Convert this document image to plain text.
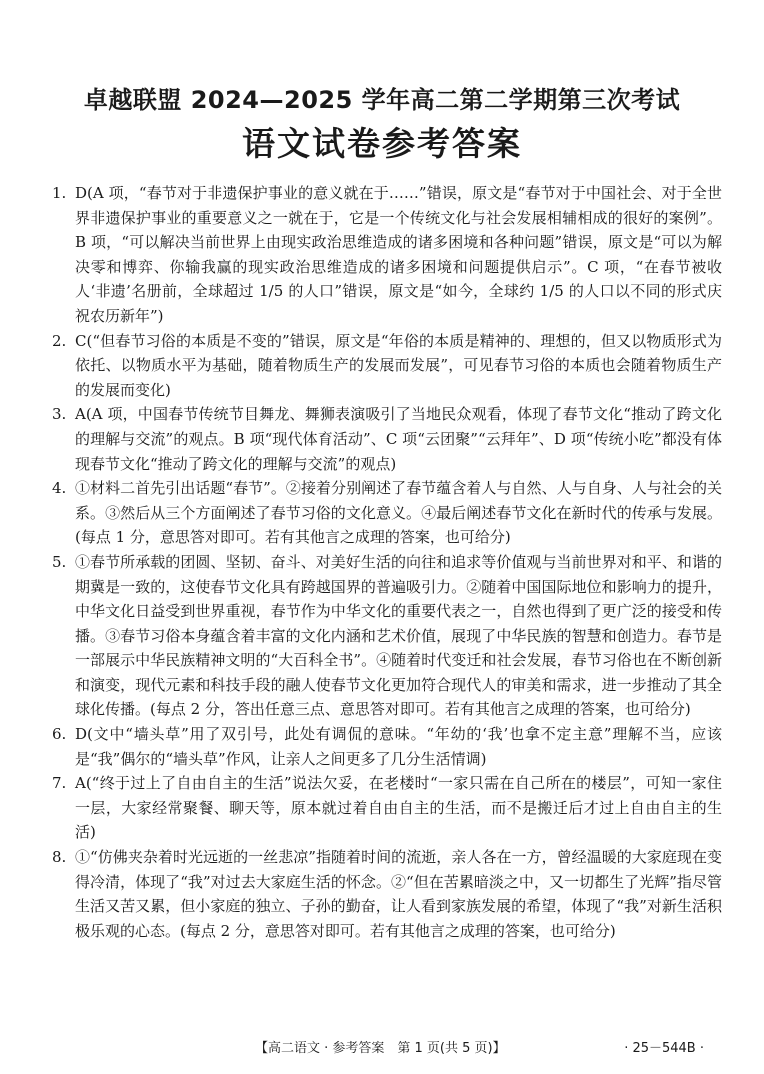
卓越联盟 2024—2025 学年高二第二学期第三次考试
语文试卷参考答案
1. D(A 项，“春节对于非遗保护事业的意义就在于……”错误，原文是“春节对于中国社会、对于全世界非遗保护事业的重要意义之一就在于，它是一个传统文化与社会发展相辅相成的很好的案例”。B 项，“可以解决当前世界上由现实政治思维造成的诸多困境和各种问题”错误，原文是“可以为解决零和博弈、你输我赢的现实政治思维造成的诸多困境和问题提供启示”。C 项，“在春节被收人‘非遗’名册前，全球超过 1/5 的人口”错误，原文是“如今，全球约 1/5 的人口以不同的形式庆祝农历新年”)
2. C(“但春节习俗的本质是不变的”错误，原文是“年俗的本质是精神的、理想的，但又以物质形式为依托、以物质水平为基础，随着物质生产的发展而发展”，可见春节习俗的本质也会随着物质生产的发展而变化)
3. A(A 项，中国春节传统节目舞龙、舞狮表演吸引了当地民众观看，体现了春节文化“推动了跨文化的理解与交流”的观点。B 项“现代体育活动”、C 项“云团聚”“云拜年”、D 项“传统小吃”都没有体现春节文化“推动了跨文化的理解与交流”的观点)
4. ①材料二首先引出话题“春节”。②接着分别阐述了春节蕴含着人与自然、人与自身、人与社会的关系。③然后从三个方面阐述了春节习俗的文化意义。④最后阐述春节文化在新时代的传承与发展。(每点 1 分，意思答对即可。若有其他言之成理的答案，也可给分)
5. ①春节所承载的团圆、坚韧、奋斗、对美好生活的向往和追求等价值观与当前世界对和平、和谐的期冀是一致的，这使春节文化具有跨越国界的普遍吸引力。②随着中国国际地位和影响力的提升，中华文化日益受到世界重视，春节作为中华文化的重要代表之一，自然也得到了更广泛的接受和传播。③春节习俗本身蕴含着丰富的文化内涵和艺术价值，展现了中华民族的智慧和创造力。春节是一部展示中华民族精神文明的“大百科全书”。④随着时代变迁和社会发展，春节习俗也在不断创新和演变，现代元素和科技手段的融人使春节文化更加符合现代人的审美和需求，进一步推动了其全球化传播。(每点 2 分，答出任意三点、意思答对即可。若有其他言之成理的答案，也可给分)
6. D(文中“墙头草”用了双引号，此处有调侃的意味。“年幼的‘我’也拿不定主意”理解不当，应该是“我”偶尔的“墙头草”作风，让亲人之间更多了几分生活情调)
7. A(“终于过上了自由自主的生活”说法欠妥，在老楼时“一家只需在自己所在的楼层”，可知一家住一层，大家经常聚餐、聊天等，原本就过着自由自主的生活，而不是搬迁后才过上自由自主的生活)
8. ①“仿佛夹杂着时光远逝的一丝悲凉”指随着时间的流逝，亲人各在一方，曾经温暖的大家庭现在变得冷清，体现了“我”对过去大家庭生活的怀念。②“但在苦累暗淡之中，又一切都生了光辉”指尽管生活又苦又累，但小家庭的独立、子孙的勤奋，让人看到家族发展的希望，体现了“我”对新生活积极乐观的心态。(每点 2 分，意思答对即可。若有其他言之成理的答案，也可给分)
【高二语文 · 参考答案　第 1 页(共 5 页)】	· 25－544B ·
